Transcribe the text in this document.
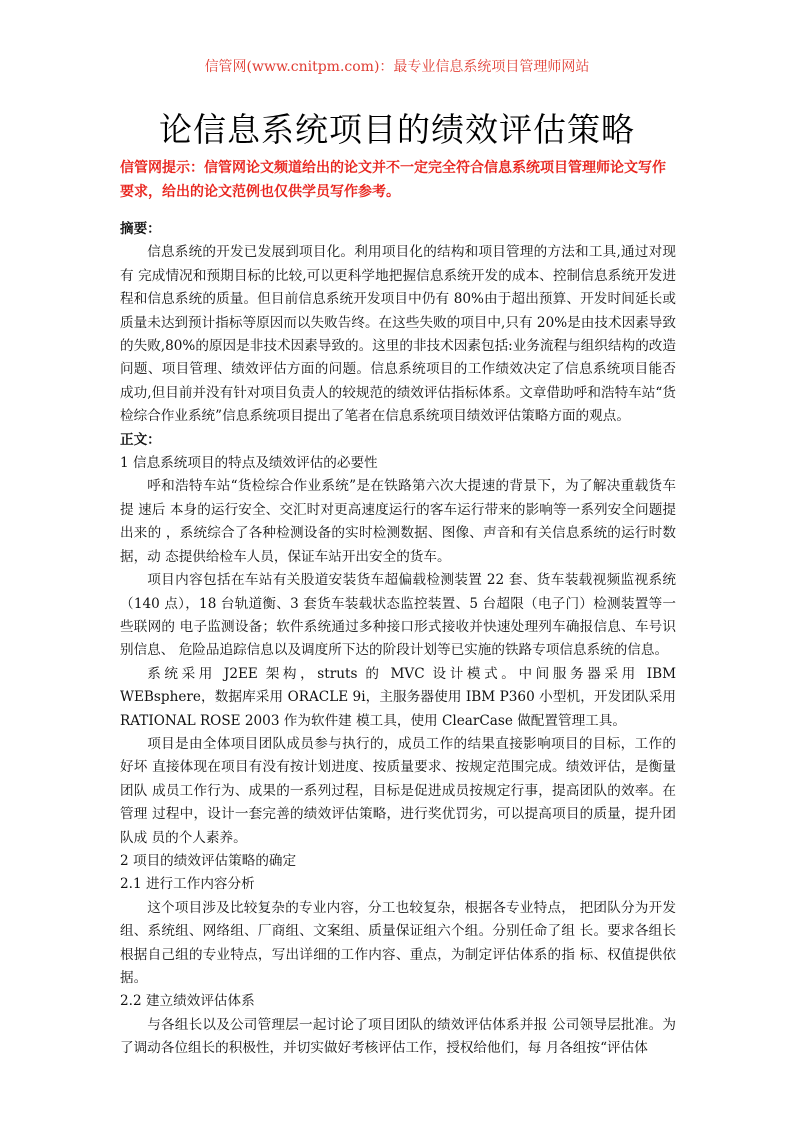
信管网(www.cnitpm.com)：最专业信息系统项目管理师网站
论信息系统项目的绩效评估策略
信管网提示：信管网论文频道给出的论文并不一定完全符合信息系统项目管理师论文写作要求，给出的论文范例也仅供学员写作参考。

摘要：

信息系统的开发已发展到项目化。利用项目化的结构和项目管理的方法和工具,通过对现有 完成情况和预期目标的比较,可以更科学地把握信息系统开发的成本、控制信息系统开发进 程和信息系统的质量。但目前信息系统开发项目中仍有 80%由于超出预算、开发时间延长或 质量未达到预计指标等原因而以失败告终。在这些失败的项目中,只有 20%是由技术因素导致的失败,80%的原因是非技术因素导致的。这里的非技术因素包括:业务流程与组织结构的改造问题、项目管理、绩效评估方面的问题。信息系统项目的工作绩效决定了信息系统项目能否成功,但目前并没有针对项目负责人的较规范的绩效评估指标体系。文章借助呼和浩特车站“货检综合作业系统”信息系统项目提出了笔者在信息系统项目绩效评估策略方面的观点。

正文：

1 信息系统项目的特点及绩效评估的必要性

呼和浩特车站“货检综合作业系统”是在铁路第六次大提速的背景下，为了解决重载货车提 速后 本身的运行安全、交汇时对更高速度运行的客车运行带来的影响等一系列安全问题提出来的 ，系统综合了各种检测设备的实时检测数据、图像、声音和有关信息系统的运行时数据，动 态提供给检车人员，保证车站开出安全的货车。

项目内容包括在车站有关股道安装货车超偏载检测装置 22 套、货车装载视频监视系统（140 点），18 台轨道衡、3 套货车装载状态监控装置、5 台超限（电子门）检测装置等一些联网的 电子监测设备；软件系统通过多种接口形式接收并快速处理列车确报信息、车号识别信息、 危险品追踪信息以及调度所下达的阶段计划等已实施的铁路专项信息系统的信息。

系统采用 J2EE 架构，struts 的 MVC 设计模式。中间服务器采用 IBM WEBsphere，数据库采用 ORACLE 9i，主服务器使用 IBM P360 小型机，开发团队采用 RATIONAL ROSE 2003 作为软件建 模工具，使用 ClearCase 做配置管理工具。

项目是由全体项目团队成员参与执行的，成员工作的结果直接影响项目的目标，工作的好坏 直接体现在项目有没有按计划进度、按质量要求、按规定范围完成。绩效评估，是衡量团队 成员工作行为、成果的一系列过程，目标是促进成员按规定行事，提高团队的效率。在管理 过程中，设计一套完善的绩效评估策略，进行奖优罚劣，可以提高项目的质量，提升团队成 员的个人素养。

2 项目的绩效评估策略的确定

2.1 进行工作内容分析

这个项目涉及比较复杂的专业内容，分工也较复杂，根据各专业特点， 把团队分为开发组、系统组、网络组、厂商组、文案组、质量保证组六个组。分别任命了组 长。要求各组长根据自己组的专业特点，写出详细的工作内容、重点，为制定评估体系的指 标、权值提供依据。

2.2 建立绩效评估体系

与各组长以及公司管理层一起讨论了项目团队的绩效评估体系并报 公司领导层批准。为了调动各位组长的积极性，并切实做好考核评估工作，授权给他们，每 月各组按“评估体
